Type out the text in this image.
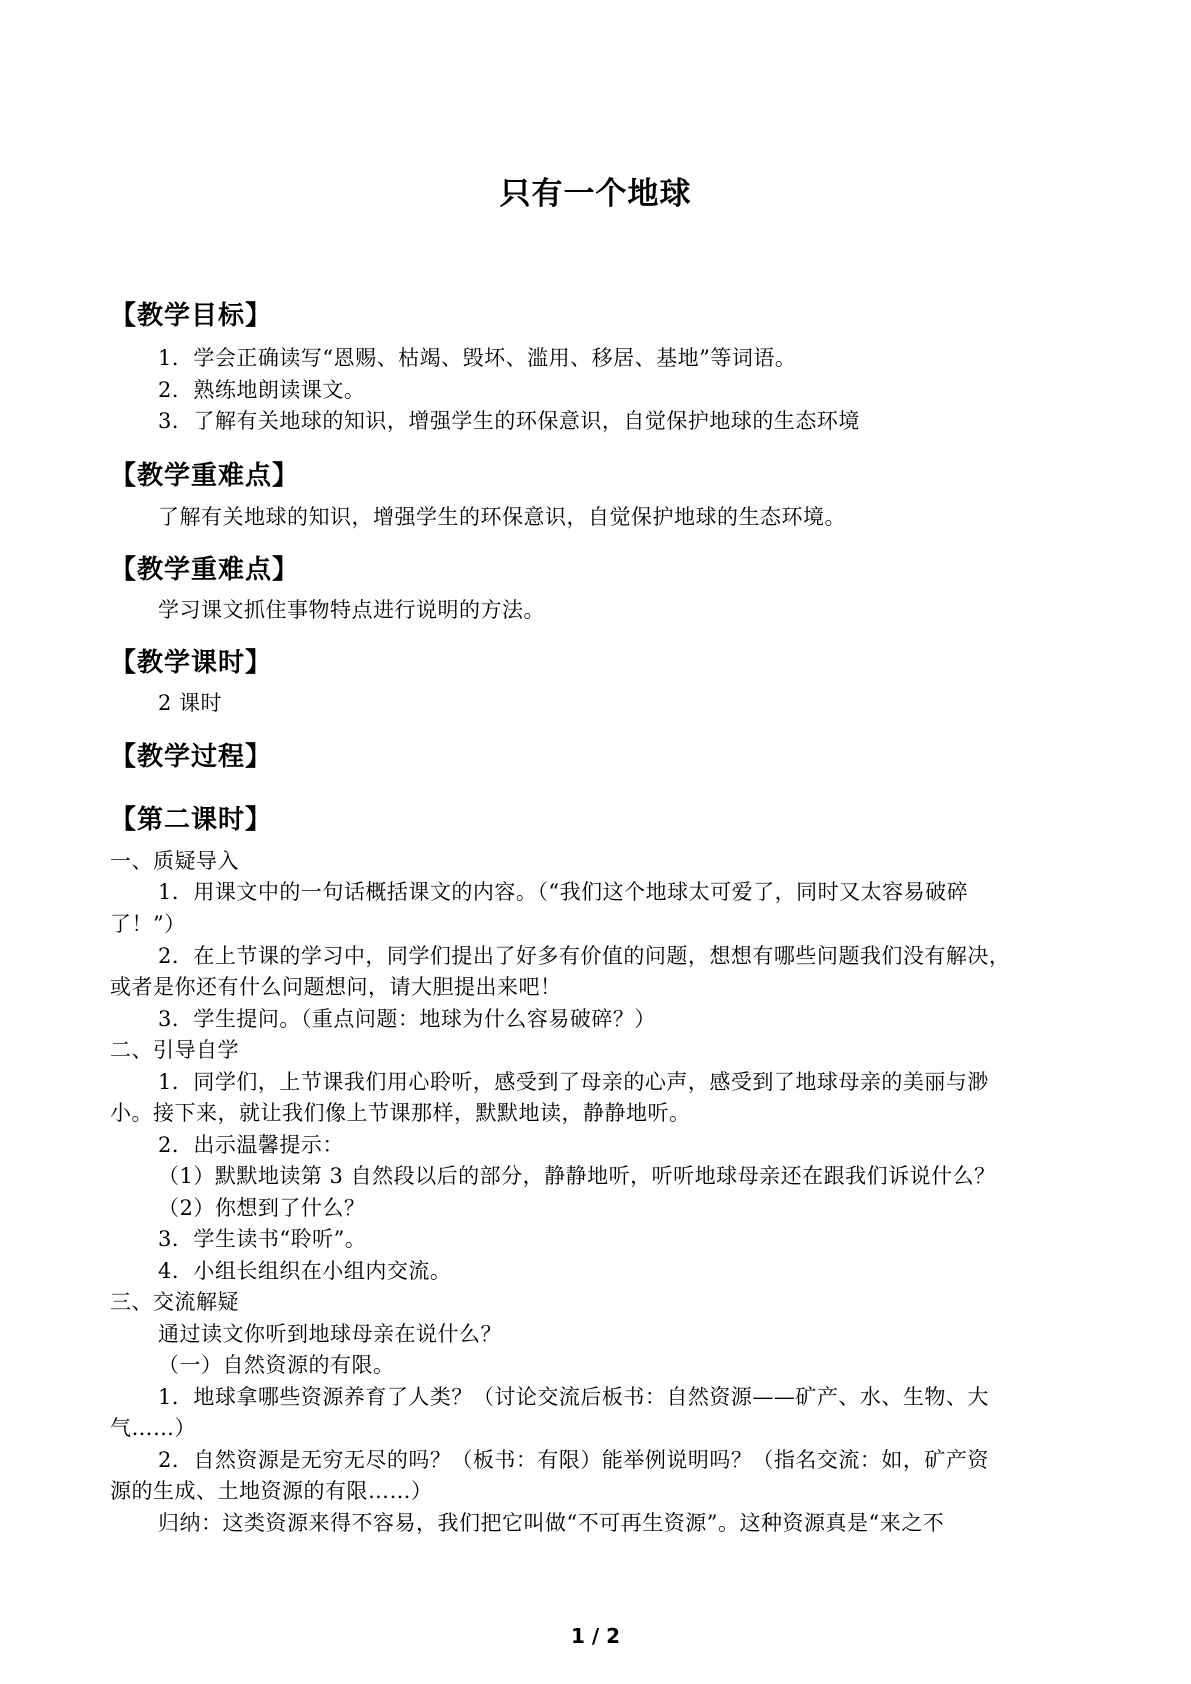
只有一个地球
【教学目标】
1．学会正确读写“恩赐、枯竭、毁坏、滥用、移居、基地”等词语。
2．熟练地朗读课文。
3．了解有关地球的知识，增强学生的环保意识，自觉保护地球的生态环境
【教学重难点】
了解有关地球的知识，增强学生的环保意识，自觉保护地球的生态环境。
【教学重难点】
学习课文抓住事物特点进行说明的方法。
【教学课时】
2 课时
【教学过程】
【第二课时】
一、质疑导入
1．用课文中的一句话概括课文的内容。（“我们这个地球太可爱了，同时又太容易破碎
了！”）
2．在上节课的学习中，同学们提出了好多有价值的问题，想想有哪些问题我们没有解决，
或者是你还有什么问题想问，请大胆提出来吧！
3．学生提问。（重点问题：地球为什么容易破碎？）
二、引导自学
1．同学们，上节课我们用心聆听，感受到了母亲的心声，感受到了地球母亲的美丽与渺
小。接下来，就让我们像上节课那样，默默地读，静静地听。
2．出示温馨提示：
（1）默默地读第 3 自然段以后的部分，静静地听，听听地球母亲还在跟我们诉说什么？
（2）你想到了什么？
3．学生读书“聆听”。
4．小组长组织在小组内交流。
三、交流解疑
通过读文你听到地球母亲在说什么？
（一）自然资源的有限。
1．地球拿哪些资源养育了人类？（讨论交流后板书：自然资源——矿产、水、生物、大
气……）
2．自然资源是无穷无尽的吗？（板书：有限）能举例说明吗？（指名交流：如，矿产资
源的生成、土地资源的有限……）
归纳：这类资源来得不容易，我们把它叫做“不可再生资源”。这种资源真是“来之不
1 / 2
